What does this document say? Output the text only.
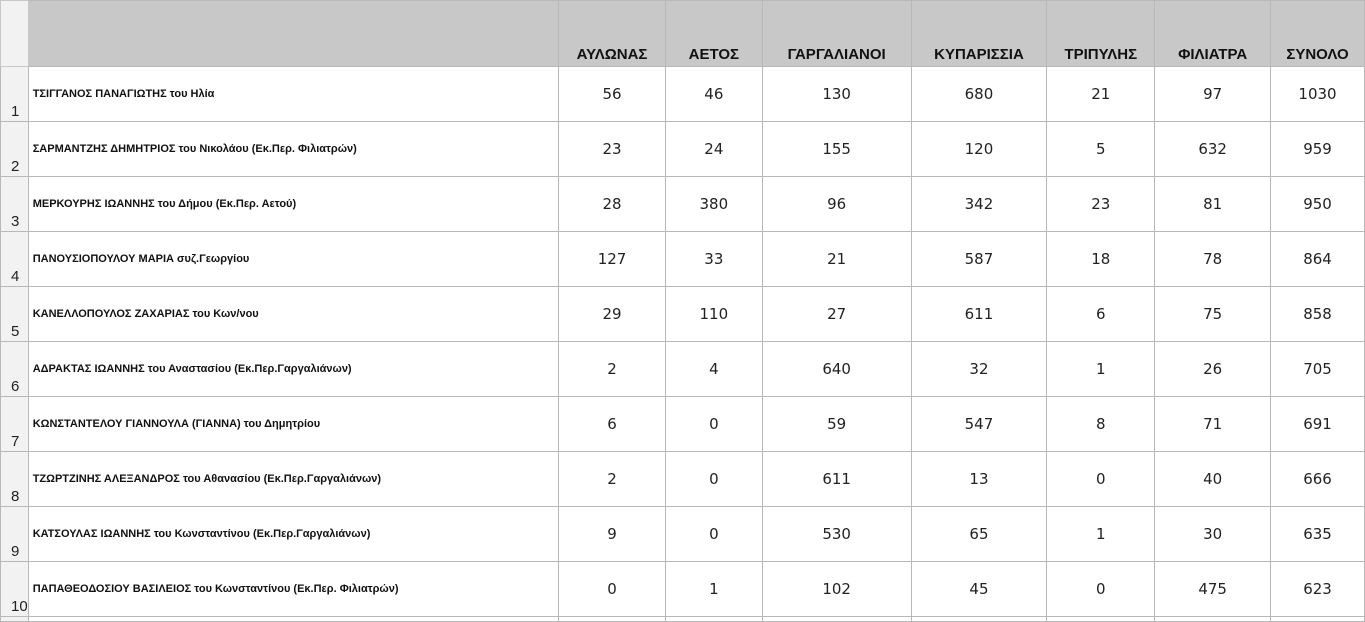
		ΑΥΛΩΝΑΣ	ΑΕΤΟΣ	ΓΑΡΓΑΛΙΑΝΟΙ	ΚΥΠΑΡΙΣΣΙΑ	ΤΡΙΠΥΛΗΣ	ΦΙΛΙΑΤΡΑ	ΣΥΝΟΛΟ
1	ΤΣΙΓΓΑΝΟΣ ΠΑΝΑΓΙΩΤΗΣ του Ηλία	56	46	130	680	21	97	1030
2	ΣΑΡΜΑΝΤΖΗΣ ΔΗΜΗΤΡΙΟΣ του Νικολάου (Εκ.Περ. Φιλιατρών)	23	24	155	120	5	632	959
3	ΜΕΡΚΟΥΡΗΣ ΙΩΑΝΝΗΣ του Δήμου (Εκ.Περ. Αετού)	28	380	96	342	23	81	950
4	ΠΑΝΟΥΣΙΟΠΟΥΛΟΥ ΜΑΡΙΑ συζ.Γεωργίου	127	33	21	587	18	78	864
5	ΚΑΝΕΛΛΟΠΟΥΛΟΣ ΖΑΧΑΡΙΑΣ του Κων/νου	29	110	27	611	6	75	858
6	ΑΔΡΑΚΤΑΣ ΙΩΑΝΝΗΣ του Αναστασίου (Εκ.Περ.Γαργαλιάνων)	2	4	640	32	1	26	705
7	ΚΩΝΣΤΑΝΤΕΛΟΥ ΓΙΑΝΝΟΥΛΑ (ΓΙΑΝΝΑ) του Δημητρίου	6	0	59	547	8	71	691
8	ΤΖΩΡΤΖΙΝΗΣ ΑΛΕΞΑΝΔΡΟΣ του Αθανασίου (Εκ.Περ.Γαργαλιάνων)	2	0	611	13	0	40	666
9	ΚΑΤΣΟΥΛΑΣ ΙΩΑΝΝΗΣ του Κωνσταντίνου (Εκ.Περ.Γαργαλιάνων)	9	0	530	65	1	30	635
10	ΠΑΠΑΘΕΟΔΟΣΙΟΥ ΒΑΣΙΛΕΙΟΣ του Κωνσταντίνου (Εκ.Περ. Φιλιατρών)	0	1	102	45	0	475	623
